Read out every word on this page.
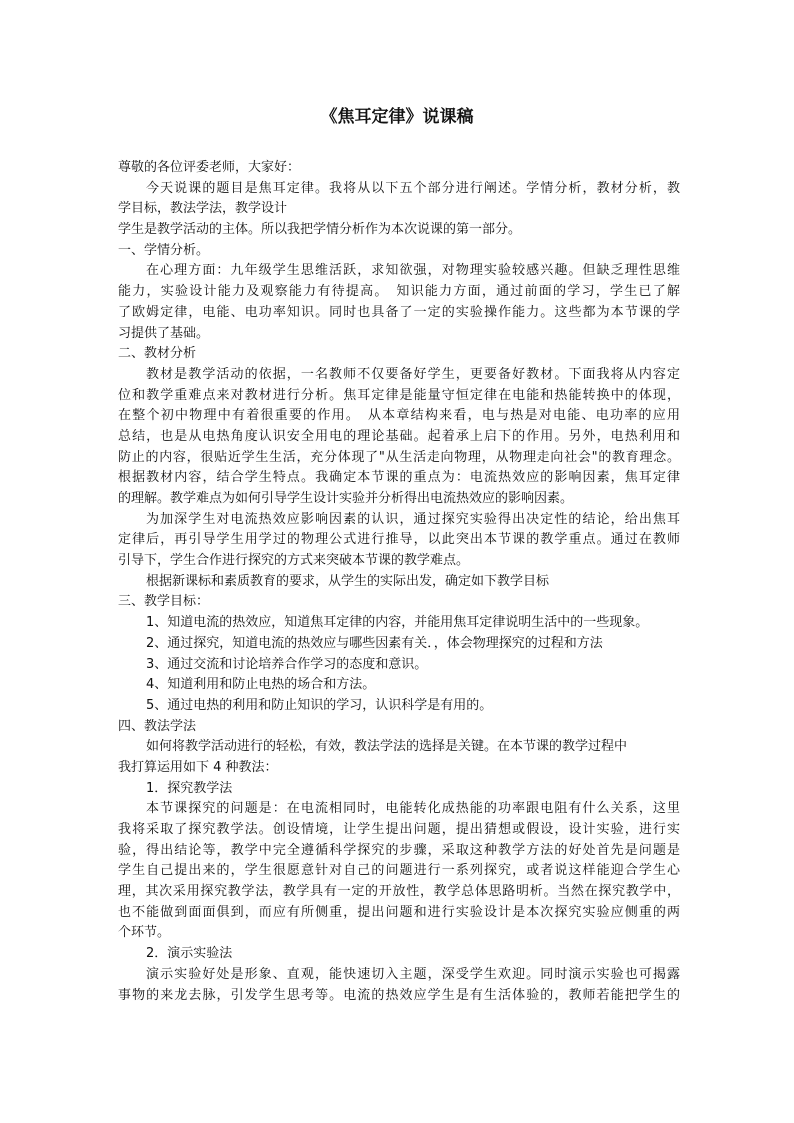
《焦耳定律》说课稿
尊敬的各位评委老师，大家好：
今天说课的题目是焦耳定律。我将从以下五个部分进行阐述。学情分析，教材分析，教
学目标，教法学法，教学设计
学生是教学活动的主体。所以我把学情分析作为本次说课的第一部分。
一、学情分析。
在心理方面：九年级学生思维活跃，求知欲强，对物理实验较感兴趣。但缺乏理性思维
能力，实验设计能力及观察能力有待提高。　知识能力方面，通过前面的学习，学生已了解
了欧姆定律，电能、电功率知识。同时也具备了一定的实验操作能力。这些都为本节课的学
习提供了基础。
二、教材分析
教材是教学活动的依据，一名教师不仅要备好学生，更要备好教材。下面我将从内容定
位和教学重难点来对教材进行分析。焦耳定律是能量守恒定律在电能和热能转换中的体现，
在整个初中物理中有着很重要的作用。　从本章结构来看，电与热是对电能、电功率的应用
总结，也是从电热角度认识安全用电的理论基础。起着承上启下的作用。另外，电热利用和
防止的内容，很贴近学生生活，充分体现了"从生活走向物理，从物理走向社会"的教育理念。
根据教材内容，结合学生特点。我确定本节课的重点为：电流热效应的影响因素，焦耳定律
的理解。教学难点为如何引导学生设计实验并分析得出电流热效应的影响因素。
为加深学生对电流热效应影响因素的认识，通过探究实验得出决定性的结论，给出焦耳
定律后，再引导学生用学过的物理公式进行推导，以此突出本节课的教学重点。通过在教师
引导下，学生合作进行探究的方式来突破本节课的教学难点。
根据新课标和素质教育的要求，从学生的实际出发，确定如下教学目标
三、教学目标：
1、知道电流的热效应，知道焦耳定律的内容，并能用焦耳定律说明生活中的一些现象。
2、通过探究，知道电流的热效应与哪些因素有关．，体会物理探究的过程和方法
3、通过交流和讨论培养合作学习的态度和意识。
4、知道利用和防止电热的场合和方法。
5、通过电热的利用和防止知识的学习，认识科学是有用的。
四、教法学法
如何将教学活动进行的轻松，有效，教法学法的选择是关键。在本节课的教学过程中
我打算运用如下 4 种教法：
1．探究教学法
本节课探究的问题是：在电流相同时，电能转化成热能的功率跟电阻有什么关系，这里
我将采取了探究教学法。创设情境，让学生提出问题，提出猜想或假设，设计实验，进行实
验，得出结论等，教学中完全遵循科学探究的步骤，采取这种教学方法的好处首先是问题是
学生自己提出来的，学生很愿意针对自己的问题进行一系列探究，或者说这样能迎合学生心
理，其次采用探究教学法，教学具有一定的开放性，教学总体思路明析。当然在探究教学中，
也不能做到面面俱到，而应有所侧重，提出问题和进行实验设计是本次探究实验应侧重的两
个环节。
2．演示实验法
演示实验好处是形象、直观，能快速切入主题，深受学生欢迎。同时演示实验也可揭露
事物的来龙去脉，引发学生思考等。电流的热效应学生是有生活体验的，教师若能把学生的
